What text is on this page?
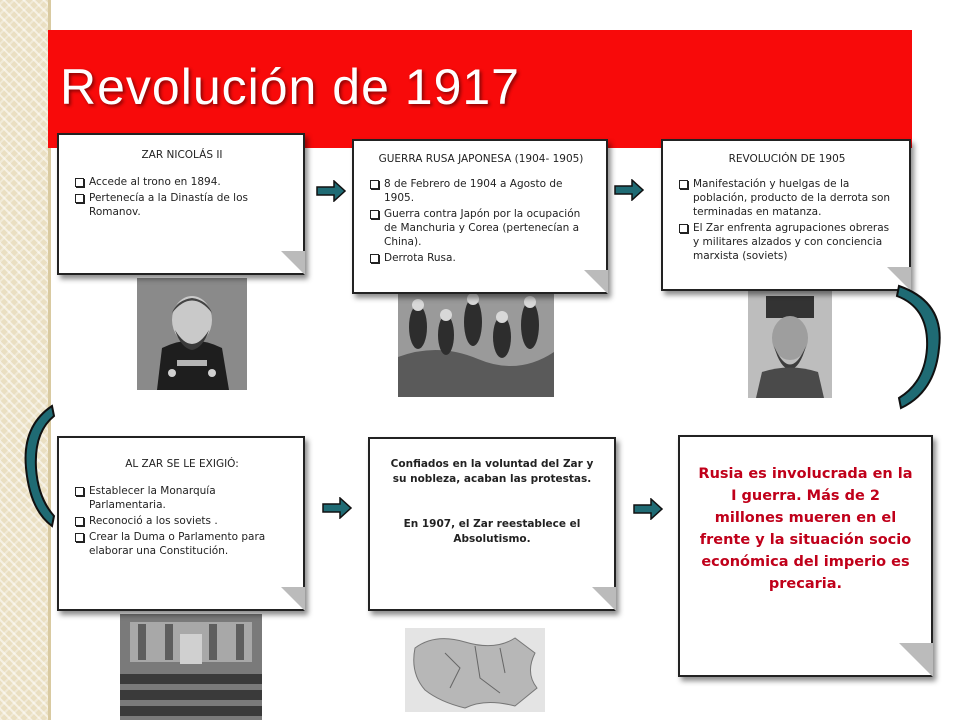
Revolución de 1917

ZAR NICOLÁS II

Accede al trono en 1894.
Pertenecía a la Dinastía de los Romanov.

GUERRA RUSA JAPONESA (1904- 1905)

8 de Febrero de 1904 a Agosto de 1905.
Guerra contra Japón por la ocupación de Manchuria y Corea (pertenecían a China).
Derrota Rusa.

REVOLUCIÓN DE 1905

Manifestación y huelgas de la población, producto de la derrota son terminadas en matanza.
El Zar enfrenta agrupaciones obreras y militares alzados y con conciencia marxista (soviets)

AL ZAR SE LE EXIGIÓ:

Establecer la Monarquía Parlamentaria.
Reconoció a los soviets .
Crear la Duma o Parlamento para elaborar una Constitución.

Confiados en la voluntad del Zar y su nobleza, acaban las protestas.

En 1907, el Zar reestablece el Absolutismo.

Rusia es involucrada en la I guerra. Más de 2 millones mueren en el frente y la situación socio económica del imperio es precaria.
